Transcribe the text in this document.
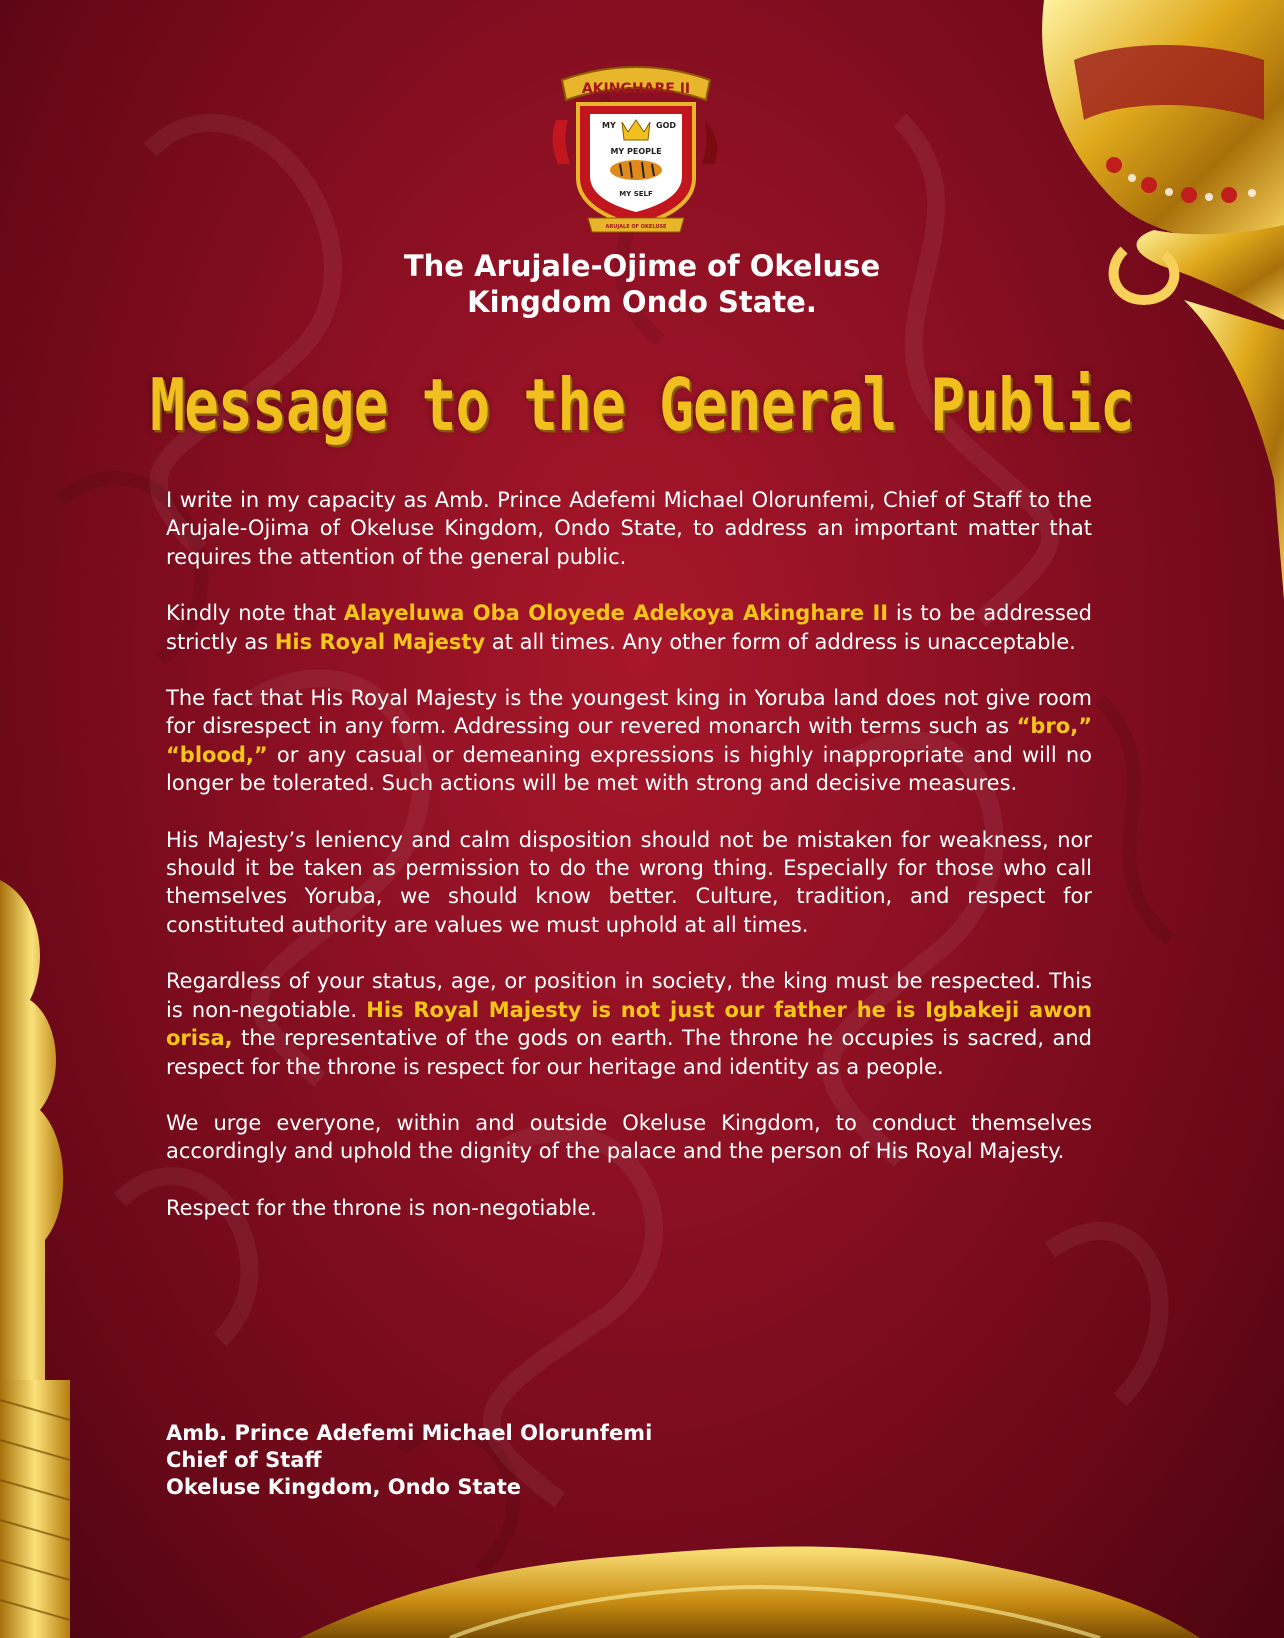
AKINGHARE II
MY	GOD
MY PEOPLE
MY SELF
ARUJALE OF OKELUSE
The Arujale-Ojime of Okeluse
Kingdom Ondo State.
Message to the General Public

I write in my capacity as Amb. Prince Adefemi Michael Olorunfemi, Chief of Staff to the Arujale-Ojima of Okeluse Kingdom, Ondo State, to address an important matter that requires the attention of the general public.

Kindly note that Alayeluwa Oba Oloyede Adekoya Akinghare II is to be addressed strictly as His Royal Majesty at all times. Any other form of address is unacceptable.

The fact that His Royal Majesty is the youngest king in Yoruba land does not give room for disrespect in any form. Addressing our revered monarch with terms such as “bro,” “blood,” or any casual or demeaning expressions is highly inappropriate and will no longer be tolerated. Such actions will be met with strong and decisive measures.

His Majesty’s leniency and calm disposition should not be mistaken for weakness, nor should it be taken as permission to do the wrong thing. Especially for those who call themselves Yoruba, we should know better. Culture, tradition, and respect for constituted authority are values we must uphold at all times.

Regardless of your status, age, or position in society, the king must be respected. This is non-negotiable. His Royal Majesty is not just our father he is Igbakeji awon orisa, the representative of the gods on earth. The throne he occupies is sacred, and respect for the throne is respect for our heritage and identity as a people.

We urge everyone, within and outside Okeluse Kingdom, to conduct themselves accordingly and uphold the dignity of the palace and the person of His Royal Majesty.

Respect for the throne is non-negotiable.

Amb. Prince Adefemi Michael Olorunfemi
Chief of Staff
Okeluse Kingdom, Ondo State
